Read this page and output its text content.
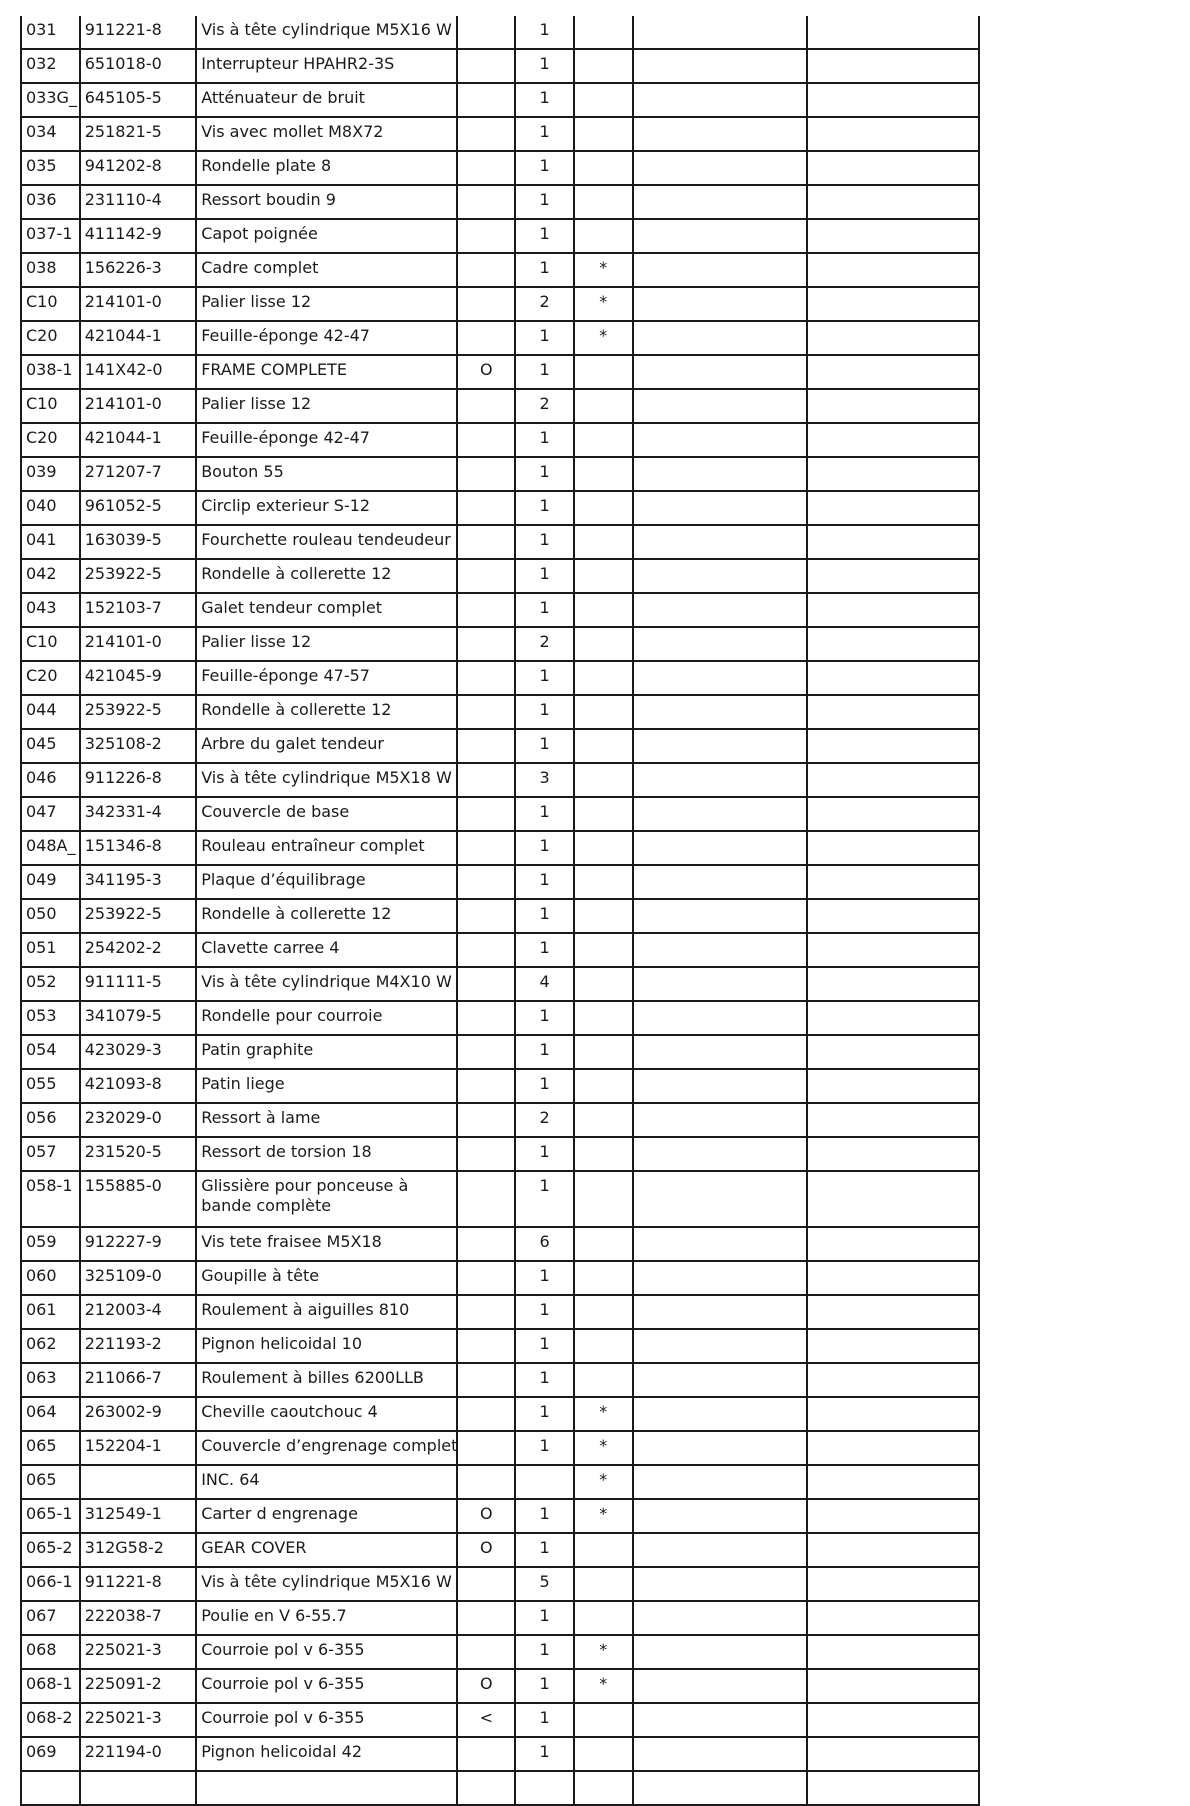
031	911221-8	Vis à tête cylindrique M5X16 W		1			
032	651018-0	Interrupteur HPAHR2-3S		1			
033G_	645105-5	Atténuateur de bruit		1			
034	251821-5	Vis avec mollet M8X72		1			
035	941202-8	Rondelle plate 8		1			
036	231110-4	Ressort boudin 9		1			
037-1	411142-9	Capot poignée		1			
038	156226-3	Cadre complet		1	*		
C10	214101-0	Palier lisse 12		2	*		
C20	421044-1	Feuille-éponge 42-47		1	*		
038-1	141X42-0	FRAME COMPLETE	O	1			
C10	214101-0	Palier lisse 12		2			
C20	421044-1	Feuille-éponge 42-47		1			
039	271207-7	Bouton 55		1			
040	961052-5	Circlip exterieur S-12		1			
041	163039-5	Fourchette rouleau tendeudeur		1			
042	253922-5	Rondelle à collerette 12		1			
043	152103-7	Galet tendeur complet		1			
C10	214101-0	Palier lisse 12		2			
C20	421045-9	Feuille-éponge 47-57		1			
044	253922-5	Rondelle à collerette 12		1			
045	325108-2	Arbre du galet tendeur		1			
046	911226-8	Vis à tête cylindrique M5X18 W		3			
047	342331-4	Couvercle de base		1			
048A_	151346-8	Rouleau entraîneur complet		1			
049	341195-3	Plaque d’équilibrage		1			
050	253922-5	Rondelle à collerette 12		1			
051	254202-2	Clavette carree 4		1			
052	911111-5	Vis à tête cylindrique M4X10 W		4			
053	341079-5	Rondelle pour courroie		1			
054	423029-3	Patin graphite		1			
055	421093-8	Patin liege		1			
056	232029-0	Ressort à lame		2			
057	231520-5	Ressort de torsion 18		1			
058-1	155885-0	Glissière pour ponceuse à bande complète		1			
059	912227-9	Vis tete fraisee M5X18		6			
060	325109-0	Goupille à tête		1			
061	212003-4	Roulement à aiguilles 810		1			
062	221193-2	Pignon helicoidal 10		1			
063	211066-7	Roulement à billes 6200LLB		1			
064	263002-9	Cheville caoutchouc 4		1	*		
065	152204-1	Couvercle d’engrenage complet		1	*		
065		INC. 64			*		
065-1	312549-1	Carter d engrenage	O	1	*		
065-2	312G58-2	GEAR COVER	O	1			
066-1	911221-8	Vis à tête cylindrique M5X16 W		5			
067	222038-7	Poulie en V 6-55.7		1			
068	225021-3	Courroie pol v 6-355		1	*		
068-1	225091-2	Courroie pol v 6-355	O	1	*		
068-2	225021-3	Courroie pol v 6-355	<	1			
069	221194-0	Pignon helicoidal 42		1			
